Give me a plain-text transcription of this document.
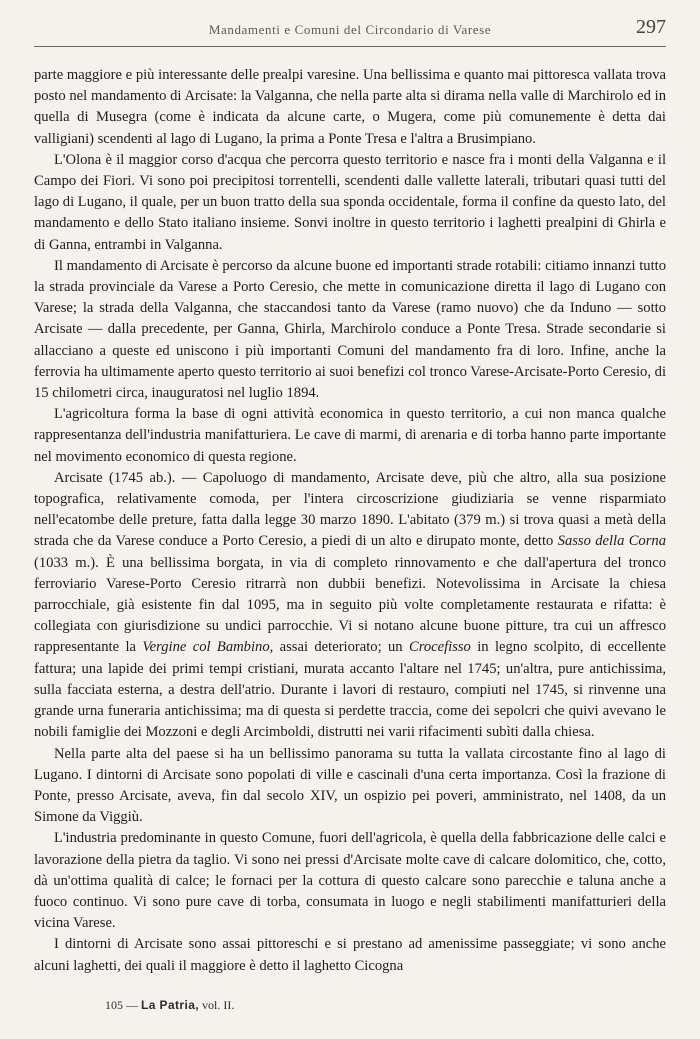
Mandamenti e Comuni del Circondario di Varese	297

parte maggiore e più interessante delle prealpi varesine. Una bellissima e quanto mai pittoresca vallata trova posto nel mandamento di Arcisate: la Valganna, che nella parte alta si dirama nella valle di Marchirolo ed in quella di Musegra (come è indicata da alcune carte, o Mugera, come più comunemente è detta dai valligiani) scendenti al lago di Lugano, la prima a Ponte Tresa e l'altra a Brusimpiano.

L'Olona è il maggior corso d'acqua che percorra questo territorio e nasce fra i monti della Valganna e il Campo dei Fiori. Vi sono poi precipitosi torrentelli, scendenti dalle vallette laterali, tributari quasi tutti del lago di Lugano, il quale, per un buon tratto della sua sponda occidentale, forma il confine da questo lato, del mandamento e dello Stato italiano insieme. Sonvi inoltre in questo territorio i laghetti prealpini di Ghirla e di Ganna, entrambi in Valganna.

Il mandamento di Arcisate è percorso da alcune buone ed importanti strade rotabili: citiamo innanzi tutto la strada provinciale da Varese a Porto Ceresio, che mette in comunicazione diretta il lago di Lugano con Varese; la strada della Valganna, che staccandosi tanto da Varese (ramo nuovo) che da Induno — sotto Arcisate — dalla precedente, per Ganna, Ghirla, Marchirolo conduce a Ponte Tresa. Strade secondarie si allacciano a queste ed uniscono i più importanti Comuni del mandamento fra di loro. Infine, anche la ferrovia ha ultimamente aperto questo territorio ai suoi benefizi col tronco Varese-Arcisate-Porto Ceresio, di 15 chilometri circa, inauguratosi nel luglio 1894.

L'agricoltura forma la base di ogni attività economica in questo territorio, a cui non manca qualche rappresentanza dell'industria manifatturiera. Le cave di marmi, di arenaria e di torba hanno parte importante nel movimento economico di questa regione.

Arcisate (1745 ab.). — Capoluogo di mandamento, Arcisate deve, più che altro, alla sua posizione topografica, relativamente comoda, per l'intera circoscrizione giudiziaria se venne risparmiato nell'ecatombe delle preture, fatta dalla legge 30 marzo 1890. L'abitato (379 m.) si trova quasi a metà della strada che da Varese conduce a Porto Ceresio, a piedi di un alto e dirupato monte, detto Sasso della Corna (1033 m.). È una bellissima borgata, in via di completo rinnovamento e che dall'apertura del tronco ferroviario Varese-Porto Ceresio ritrarrà non dubbii benefizi. Notevolissima in Arcisate la chiesa parrocchiale, già esistente fin dal 1095, ma in seguito più volte completamente restaurata e rifatta: è collegiata con giurisdizione su undici parrocchie. Vi si notano alcune buone pitture, tra cui un affresco rappresentante la Vergine col Bambino, assai deteriorato; un Crocefisso in legno scolpito, di eccellente fattura; una lapide dei primi tempi cristiani, murata accanto l'altare nel 1745; un'altra, pure antichissima, sulla facciata esterna, a destra dell'atrio. Durante i lavori di restauro, compiuti nel 1745, si rinvenne una grande urna funeraria antichissima; ma di questa si perdette traccia, come dei sepolcri che quivi avevano le nobili famiglie dei Mozzoni e degli Arcimboldi, distrutti nei varii rifacimenti subìti dalla chiesa.

Nella parte alta del paese si ha un bellissimo panorama su tutta la vallata circostante fino al lago di Lugano. I dintorni di Arcisate sono popolati di ville e cascinali d'una certa importanza. Così la frazione di Ponte, presso Arcisate, aveva, fin dal secolo XIV, un ospizio pei poveri, amministrato, nel 1408, da un Simone da Viggiù.

L'industria predominante in questo Comune, fuori dell'agricola, è quella della fabbricazione delle calci e lavorazione della pietra da taglio. Vi sono nei pressi d'Arcisate molte cave di calcare dolomitico, che, cotto, dà un'ottima qualità di calce; le fornaci per la cottura di questo calcare sono parecchie e taluna anche a fuoco continuo. Vi sono pure cave di torba, consumata in luogo e negli stabilimenti manifatturieri della vicina Varese.

I dintorni di Arcisate sono assai pittoreschi e si prestano ad amenissime passeggiate; vi sono anche alcuni laghetti, dei quali il maggiore è detto il laghetto Cicogna

105 — La Patria, vol. II.
